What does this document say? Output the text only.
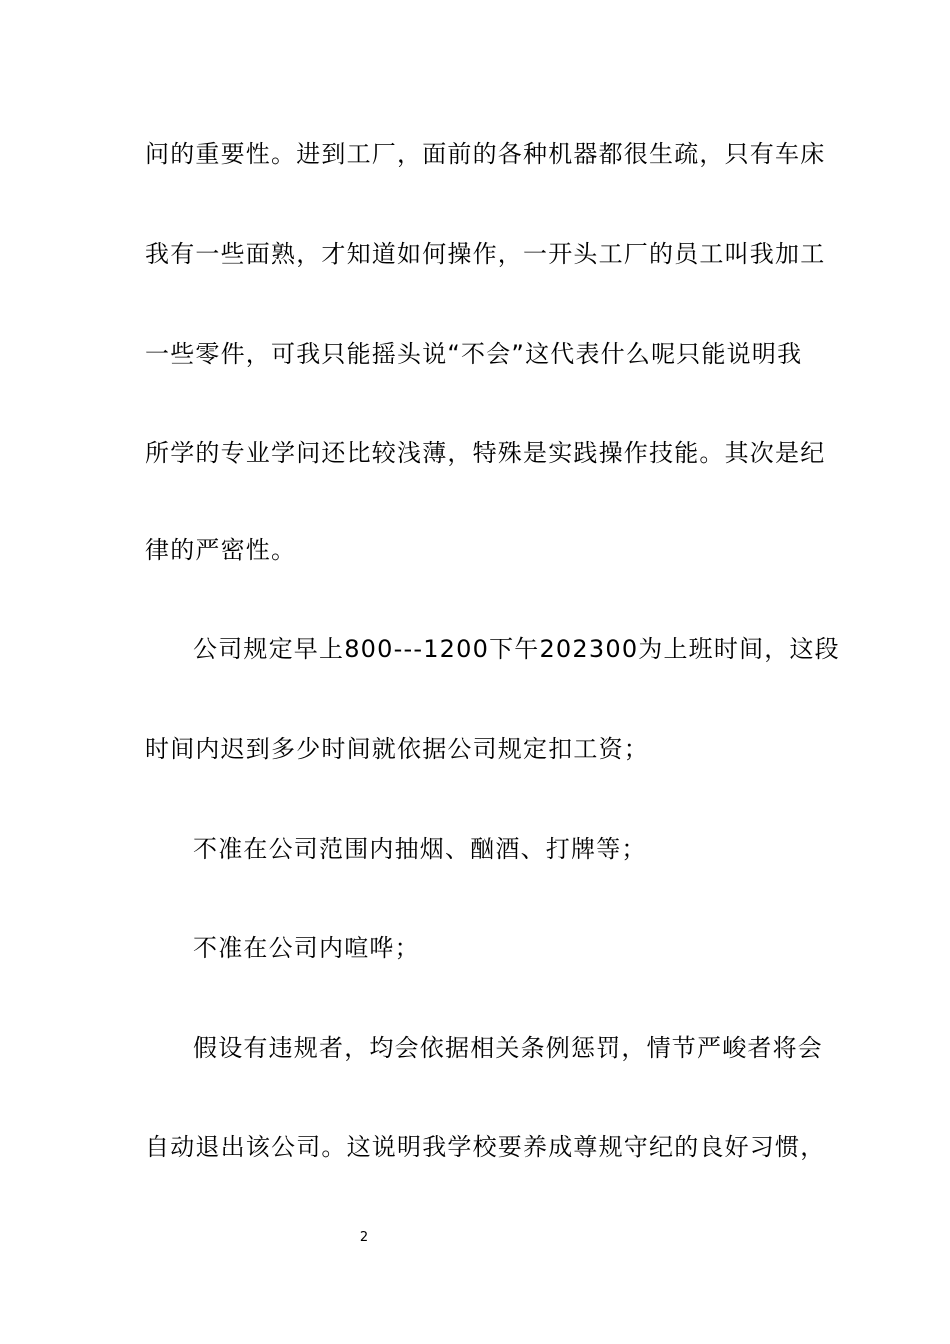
问的重要性。进到工厂，面前的各种机器都很生疏，只有车床
我有一些面熟，才知道如何操作，一开头工厂的员工叫我加工
一些零件，可我只能摇头说“不会”这代表什么呢只能说明我
所学的专业学问还比较浅薄，特殊是实践操作技能。其次是纪
律的严密性。
公司规定早上800---1200下午202300为上班时间，这段
时间内迟到多少时间就依据公司规定扣工资；
不准在公司范围内抽烟、酗酒、打牌等；
不准在公司内喧哗；
假设有违规者，均会依据相关条例惩罚，情节严峻者将会
自动退出该公司。这说明我学校要养成尊规守纪的良好习惯，
2
